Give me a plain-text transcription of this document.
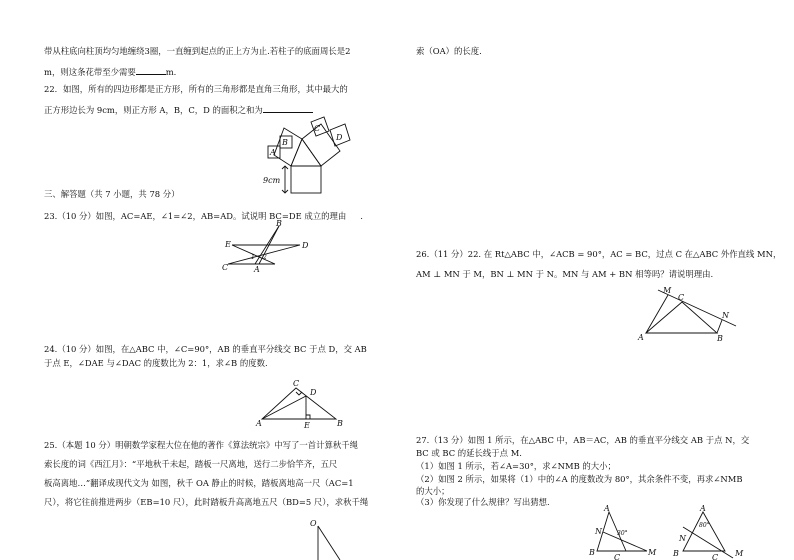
带从柱底向柱顶均匀地缠绕3圈，一直缠到起点的正上方为止.若柱子的底面周长是2
m，则这条花带至少需要	m.
22．如图，所有的四边形都是正方形，所有的三角形都是直角三角形，其中最大的
正方形边长为 9cm，则正方形 A，B，C，D 的面积之和为
A
B
C
D
9cm
三、解答题（共 7 小题，共 78 分）
23.（10 分）如图，AC=AE，∠1=∠2，AB=AD。试说明 BC=DE 成立的理由 .
E
B
D
C	A
1 2
24.（10 分）如图，在△ABC 中，∠C=90°，AB 的垂直平分线交 BC 于点 D，交 AB
于点 E，∠DAE 与∠DAC 的度数比为 2：1，求∠B 的度数.
C
D
A	E	B
25.（本题 10 分）明朝数学家程大位在他的著作《算法统宗》中写了一首计算秋千绳
索长度的词《西江月》：“平地秋千未起，踏板一尺离地，送行二步恰竿齐，五尺
板高离地…”翻译成现代文为 如图，秋千 OA 静止的时候，踏板离地高一尺（AC=1
尺），将它往前推进两步（EB=10 尺），此时踏板升高离地五尺（BD=5 尺），求秋千绳
O
索（OA）的长度.
26.（11 分）22. 在 Rt△ABC 中，∠ACB = 90°，AC = BC，过点 C 在△ABC 外作直线 MN，
AM ⊥ MN 于 M，BN ⊥ MN 于 N。MN 与 AM + BN 相等吗？请说明理由.
M
C
N
A	B
27.（13 分）如图 1 所示，在△ABC 中，AB＝AC，AB 的垂直平分线交 AB 于点 N，交
BC 或 BC 的延长线于点 M.
（1）如图 1 所示，若∠A=30°，求∠NMB 的大小；
（2）如图 2 所示，如果将（1）中的∠A 的度数改为 80°，其余条件不变，再求∠NMB
的大小；
（3）你发现了什么规律？写出猜想.
A
N	30°
B
C
M
A
80°
N
B	C M
